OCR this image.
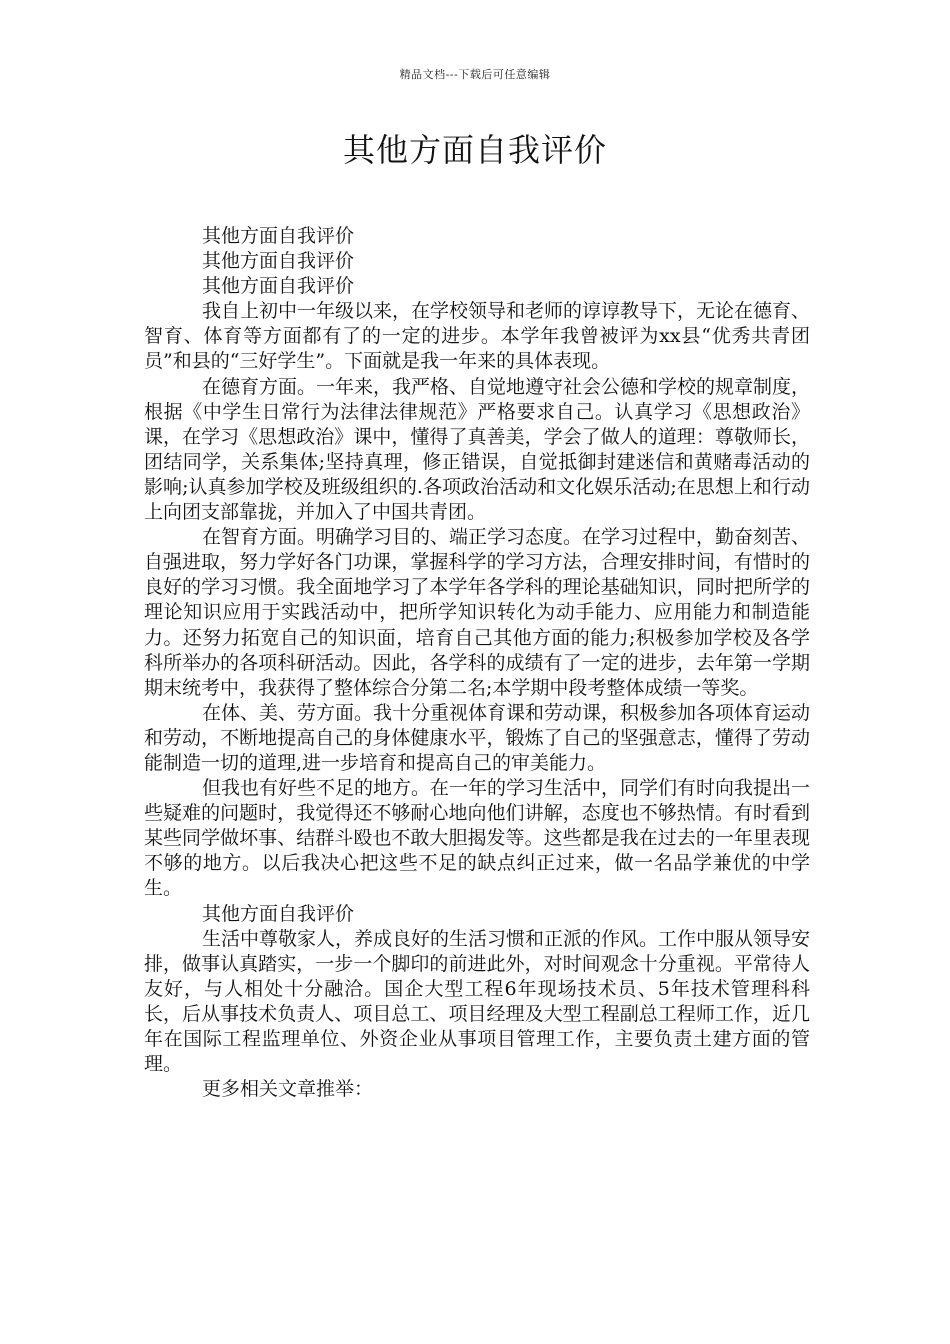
精品文档---下载后可任意编辑
其他方面自我评价

其他方面自我评价

其他方面自我评价

其他方面自我评价

我自上初中一年级以来，在学校领导和老师的谆谆教导下，无论在德育、智育、体育等方面都有了的一定的进步。本学年我曾被评为xx县“优秀共青团员”和县的“三好学生”。下面就是我一年来的具体表现。

在德育方面。一年来，我严格、自觉地遵守社会公德和学校的规章制度，根据《中学生日常行为法律法律规范》严格要求自己。认真学习《思想政治》课，在学习《思想政治》课中，懂得了真善美，学会了做人的道理：尊敬师长，团结同学，关系集体;坚持真理，修正错误，自觉抵御封建迷信和黄赌毒活动的影响;认真参加学校及班级组织的.各项政治活动和文化娱乐活动;在思想上和行动上向团支部靠拢，并加入了中国共青团。

在智育方面。明确学习目的、端正学习态度。在学习过程中，勤奋刻苦、自强进取，努力学好各门功课，掌握科学的学习方法，合理安排时间，有惜时的良好的学习习惯。我全面地学习了本学年各学科的理论基础知识，同时把所学的理论知识应用于实践活动中，把所学知识转化为动手能力、应用能力和制造能力。还努力拓宽自己的知识面，培育自己其他方面的能力;积极参加学校及各学科所举办的各项科研活动。因此，各学科的成绩有了一定的进步，去年第一学期期末统考中，我获得了整体综合分第二名;本学期中段考整体成绩一等奖。

在体、美、劳方面。我十分重视体育课和劳动课，积极参加各项体育运动和劳动，不断地提高自己的身体健康水平，锻炼了自己的坚强意志，懂得了劳动能制造一切的道理,进一步培育和提高自己的审美能力。

但我也有好些不足的地方。在一年的学习生活中，同学们有时向我提出一些疑难的问题时，我觉得还不够耐心地向他们讲解，态度也不够热情。有时看到某些同学做坏事、结群斗殴也不敢大胆揭发等。这些都是我在过去的一年里表现不够的地方。以后我决心把这些不足的缺点纠正过来，做一名品学兼优的中学生。

其他方面自我评价

生活中尊敬家人，养成良好的生活习惯和正派的作风。工作中服从领导安排，做事认真踏实，一步一个脚印的前进此外，对时间观念十分重视。平常待人友好，与人相处十分融洽。国企大型工程6年现场技术员、5年技术管理科科长，后从事技术负责人、项目总工、项目经理及大型工程副总工程师工作，近几年在国际工程监理单位、外资企业从事项目管理工作，主要负责土建方面的管理。

更多相关文章推举：
